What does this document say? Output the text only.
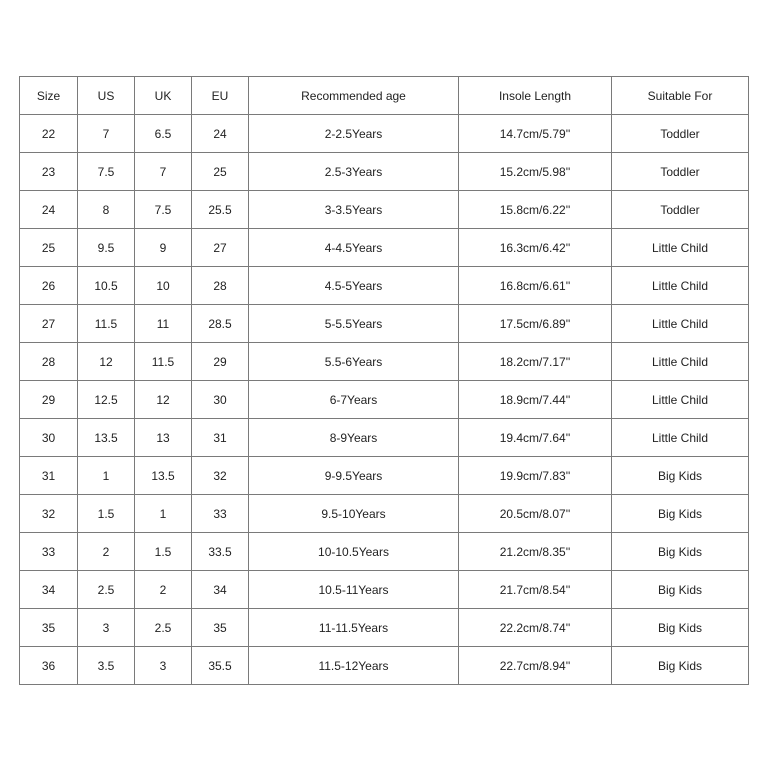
Size	US	UK	EU	Recommended age	Insole Length	Suitable For
22	7	6.5	24	2-2.5Years	14.7cm/5.79''	Toddler
23	7.5	7	25	2.5-3Years	15.2cm/5.98''	Toddler
24	8	7.5	25.5	3-3.5Years	15.8cm/6.22''	Toddler
25	9.5	9	27	4-4.5Years	16.3cm/6.42''	Little Child
26	10.5	10	28	4.5-5Years	16.8cm/6.61''	Little Child
27	11.5	11	28.5	5-5.5Years	17.5cm/6.89''	Little Child
28	12	11.5	29	5.5-6Years	18.2cm/7.17''	Little Child
29	12.5	12	30	6-7Years	18.9cm/7.44''	Little Child
30	13.5	13	31	8-9Years	19.4cm/7.64''	Little Child
31	1	13.5	32	9-9.5Years	19.9cm/7.83''	Big Kids
32	1.5	1	33	9.5-10Years	20.5cm/8.07''	Big Kids
33	2	1.5	33.5	10-10.5Years	21.2cm/8.35''	Big Kids
34	2.5	2	34	10.5-11Years	21.7cm/8.54''	Big Kids
35	3	2.5	35	11-11.5Years	22.2cm/8.74''	Big Kids
36	3.5	3	35.5	11.5-12Years	22.7cm/8.94''	Big Kids
